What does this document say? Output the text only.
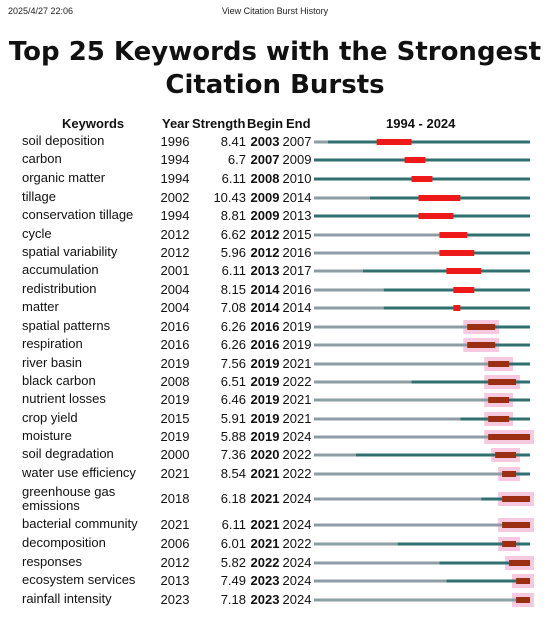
2025/4/27 22:06	View Citation Burst History
Top 25 Keywords with the Strongest
Citation Bursts
Keywords	Year Strength Begin End	1994 - 2024
soil deposition	1996	8.41 2003 2007
carbon	1994	6.7 2007 2009
organic matter	1994	6.11 2008 2010
tillage	2002	10.43 2009 2014
conservation tillage	1994	8.81 2009 2013
cycle	2012	6.62 2012 2015
spatial variability	2012	5.96 2012 2016
accumulation	2001	6.11 2013 2017
redistribution	2004	8.15 2014 2016
matter	2004	7.08 2014 2014
spatial patterns	2016	6.26 2016 2019
respiration	2016	6.26 2016 2019
river basin	2019	7.56 2019 2021
black carbon	2008	6.51 2019 2022
nutrient losses	2019	6.46 2019 2021
crop yield	2015	5.91 2019 2021
moisture	2019	5.88 2019 2024
soil degradation	2000	7.36 2020 2022
water use efficiency	2021	8.54 2021 2022
greenhouse gas emissions	2018	6.18 2021 2024
bacterial community	2021	6.11 2021 2024
decomposition	2006	6.01 2021 2022
responses	2012	5.82 2022 2024
ecosystem services	2013	7.49 2023 2024
rainfall intensity	2023	7.18 2023 2024
